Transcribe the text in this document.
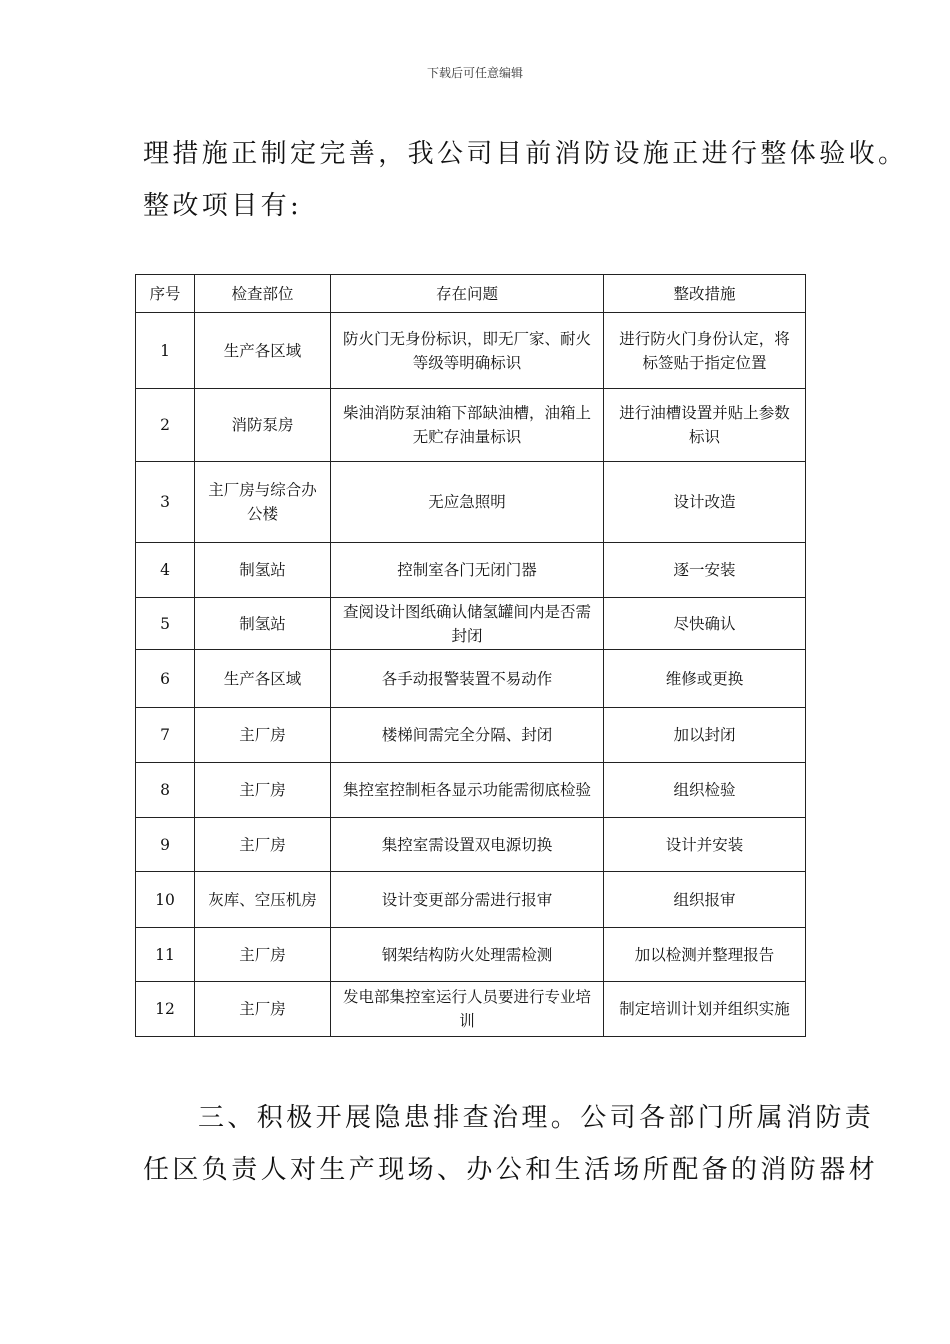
下载后可任意编辑
理措施正制定完善，我公司目前消防设施正进行整体验收。
整改项目有:
序号	检查部位	存在问题	整改措施
1	生产各区域	防火门无身份标识，即无厂家、耐火等级等明确标识	进行防火门身份认定，将标签贴于指定位置
2	消防泵房	柴油消防泵油箱下部缺油槽，油箱上无贮存油量标识	进行油槽设置并贴上参数标识
3	主厂房与综合办公楼	无应急照明	设计改造
4	制氢站	控制室各门无闭门器	逐一安装
5	制氢站	查阅设计图纸确认储氢罐间内是否需封闭	尽快确认
6	生产各区域	各手动报警装置不易动作	维修或更换
7	主厂房	楼梯间需完全分隔、封闭	加以封闭
8	主厂房	集控室控制柜各显示功能需彻底检验	组织检验
9	主厂房	集控室需设置双电源切换	设计并安装
10	灰库、空压机房	设计变更部分需进行报审	组织报审
11	主厂房	钢架结构防火处理需检测	加以检测并整理报告
12	主厂房	发电部集控室运行人员要进行专业培训	制定培训计划并组织实施
三、积极开展隐患排查治理。公司各部门所属消防责
任区负责人对生产现场、办公和生活场所配备的消防器材
